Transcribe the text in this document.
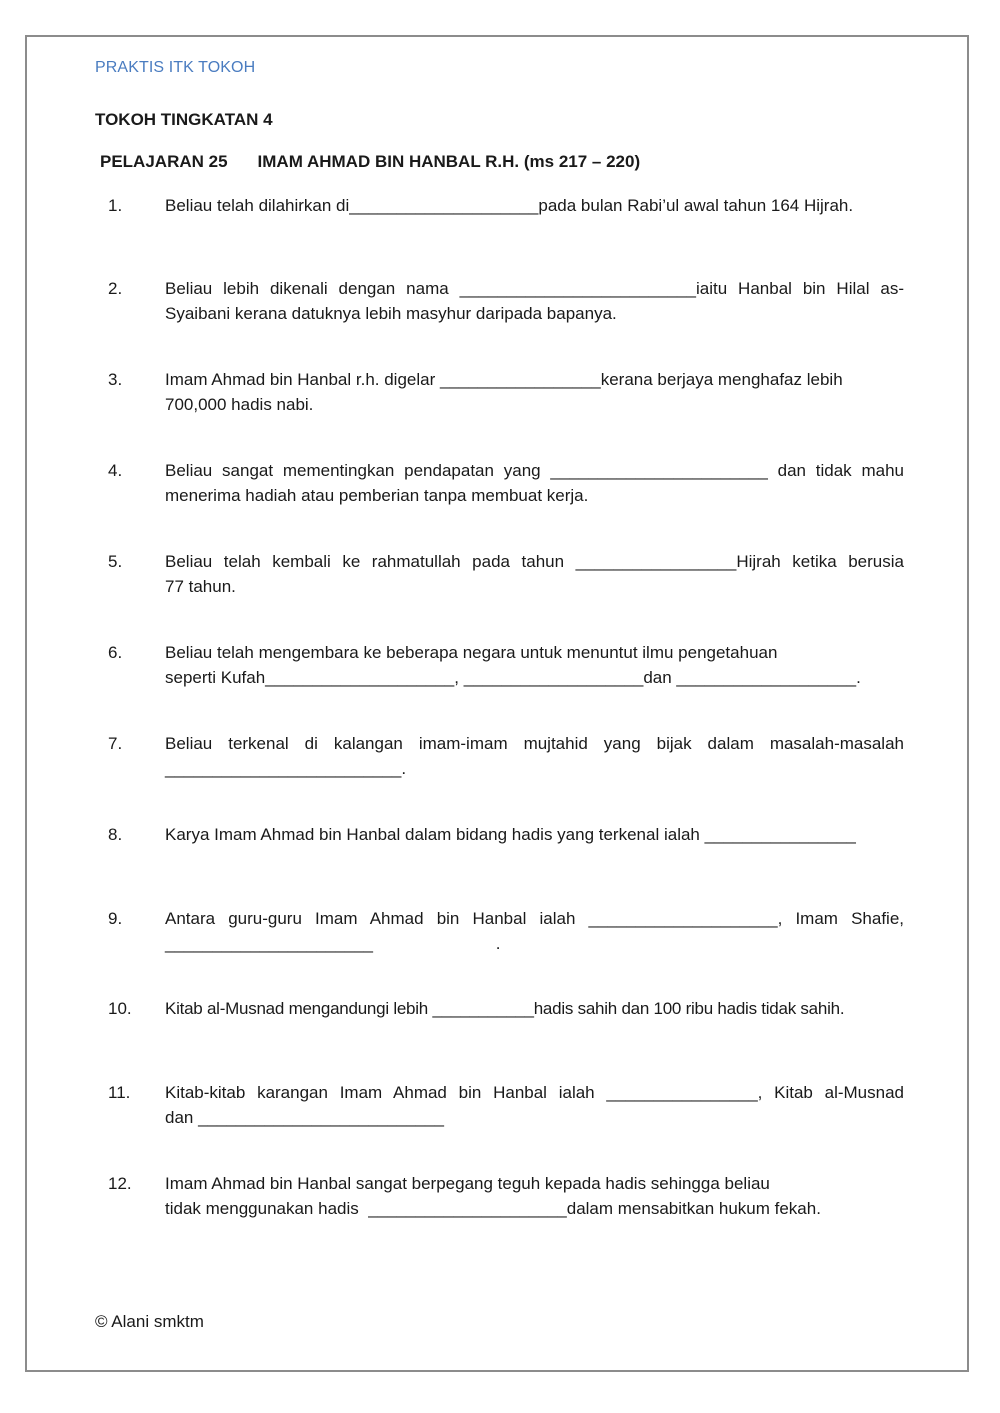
PRAKTIS ITK TOKOH
TOKOH TINGKATAN 4
PELAJARAN 25 IMAM AHMAD BIN HANBAL R.H. (ms 217 – 220)
1.	Beliau telah dilahirkan di____________________pada bulan Rabi’ul awal tahun 164 Hijrah.
2.	Beliau lebih dikenali dengan nama _________________________iaitu Hanbal bin Hilal as-
Syaibani kerana datuknya lebih masyhur daripada bapanya.
3.	Imam Ahmad bin Hanbal r.h. digelar _________________kerana berjaya menghafaz lebih
700,000 hadis nabi.
4.	Beliau sangat mementingkan pendapatan yang _______________________ dan tidak mahu
menerima hadiah atau pemberian tanpa membuat kerja.
5.	Beliau telah kembali ke rahmatullah pada tahun _________________Hijrah ketika berusia
77 tahun.
6.	Beliau telah mengembara ke beberapa negara untuk menuntut ilmu pengetahuan
seperti Kufah____________________, ___________________dan ___________________.
7.	Beliau terkenal di kalangan imam-imam mujtahid yang bijak dalam masalah-masalah
_________________________.
8.	Karya Imam Ahmad bin Hanbal dalam bidang hadis yang terkenal ialah ________________
9.	Antara guru-guru Imam Ahmad bin Hanbal ialah ____________________, Imam Shafie,
______________________                          .
10.	Kitab al-Musnad mengandungi lebih ___________hadis sahih dan 100 ribu hadis tidak sahih.
11.	Kitab-kitab karangan Imam Ahmad bin Hanbal ialah ________________, Kitab al-Musnad
dan __________________________
12.	Imam Ahmad bin Hanbal sangat berpegang teguh kepada hadis sehingga beliau
tidak menggunakan hadis  _____________________dalam mensabitkan hukum fekah.
© Alani smktm
